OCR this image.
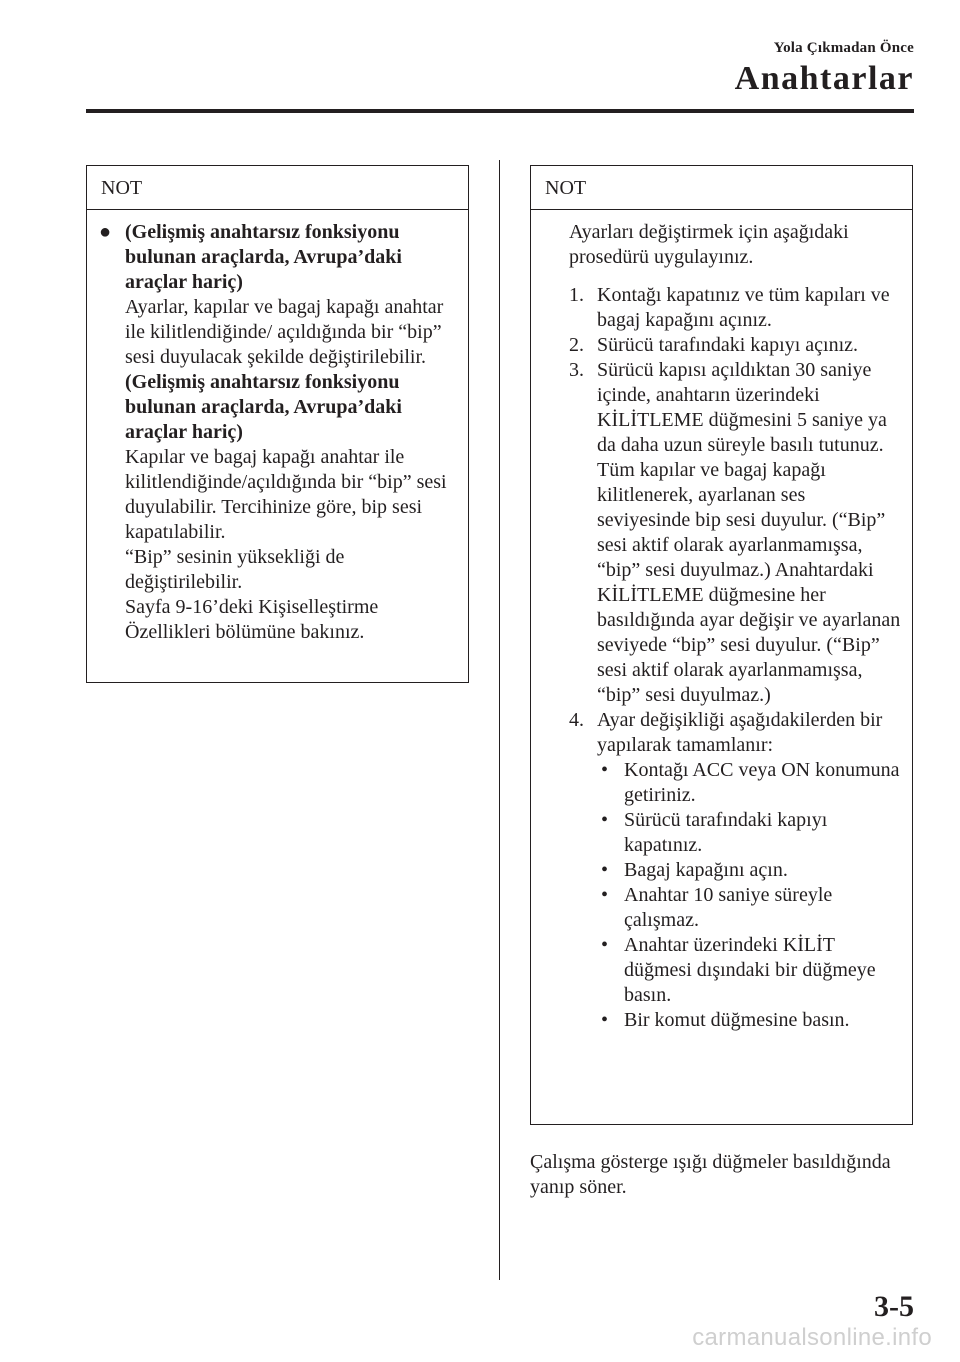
Yola Çıkmadan Önce
Anahtarlar
NOT
● (Gelişmiş anahtarsız fonksiyonu bulunan araçlarda, Avrupa’daki araçlar hariç)

Ayarlar, kapılar ve bagaj kapağı anahtar ile kilitlendiğinde/ açıldığında bir “bip” sesi duyulacak şekilde değiştirilebilir.

(Gelişmiş anahtarsız fonksiyonu bulunan araçlarda, Avrupa’daki araçlar hariç)

Kapılar ve bagaj kapağı anahtar ile kilitlendiğinde/açıldığında bir “bip” sesi duyulabilir. Tercihinize göre, bip sesi kapatılabilir.

“Bip” sesinin yüksekliği de değiştirilebilir.

Sayfa 9-16’deki Kişiselleştirme Özellikleri bölümüne bakınız.

NOT

Ayarları değiştirmek için aşağıdaki prosedürü uygulayınız.

1. Kontağı kapatınız ve tüm kapıları ve bagaj kapağını açınız.
2. Sürücü tarafındaki kapıyı açınız.
3. Sürücü kapısı açıldıktan 30 saniye içinde, anahtarın üzerindeki KİLİTLEME düğmesini 5 saniye ya da daha uzun süreyle basılı tutunuz. Tüm kapılar ve bagaj kapağı kilitlenerek, ayarlanan ses seviyesinde bip sesi duyulur. (“Bip” sesi aktif olarak ayarlanmamışsa, “bip” sesi duyulmaz.) Anahtardaki KİLİTLEME düğmesine her basıldığında ayar değişir ve ayarlanan seviyede “bip” sesi duyulur. (“Bip” sesi aktif olarak ayarlanmamışsa, “bip” sesi duyulmaz.)
4. Ayar değişikliği aşağıdakilerden bir yapılarak tamamlanır:
• Kontağı ACC veya ON konumuna getiriniz.
• Sürücü tarafındaki kapıyı kapatınız.
• Bagaj kapağını açın.
• Anahtar 10 saniye süreyle çalışmaz.
• Anahtar üzerindeki KİLİT düğmesi dışındaki bir düğmeye basın.
• Bir komut düğmesine basın.
Çalışma gösterge ışığı düğmeler basıldığında yanıp söner.
3-5
carmanualsonline.info
